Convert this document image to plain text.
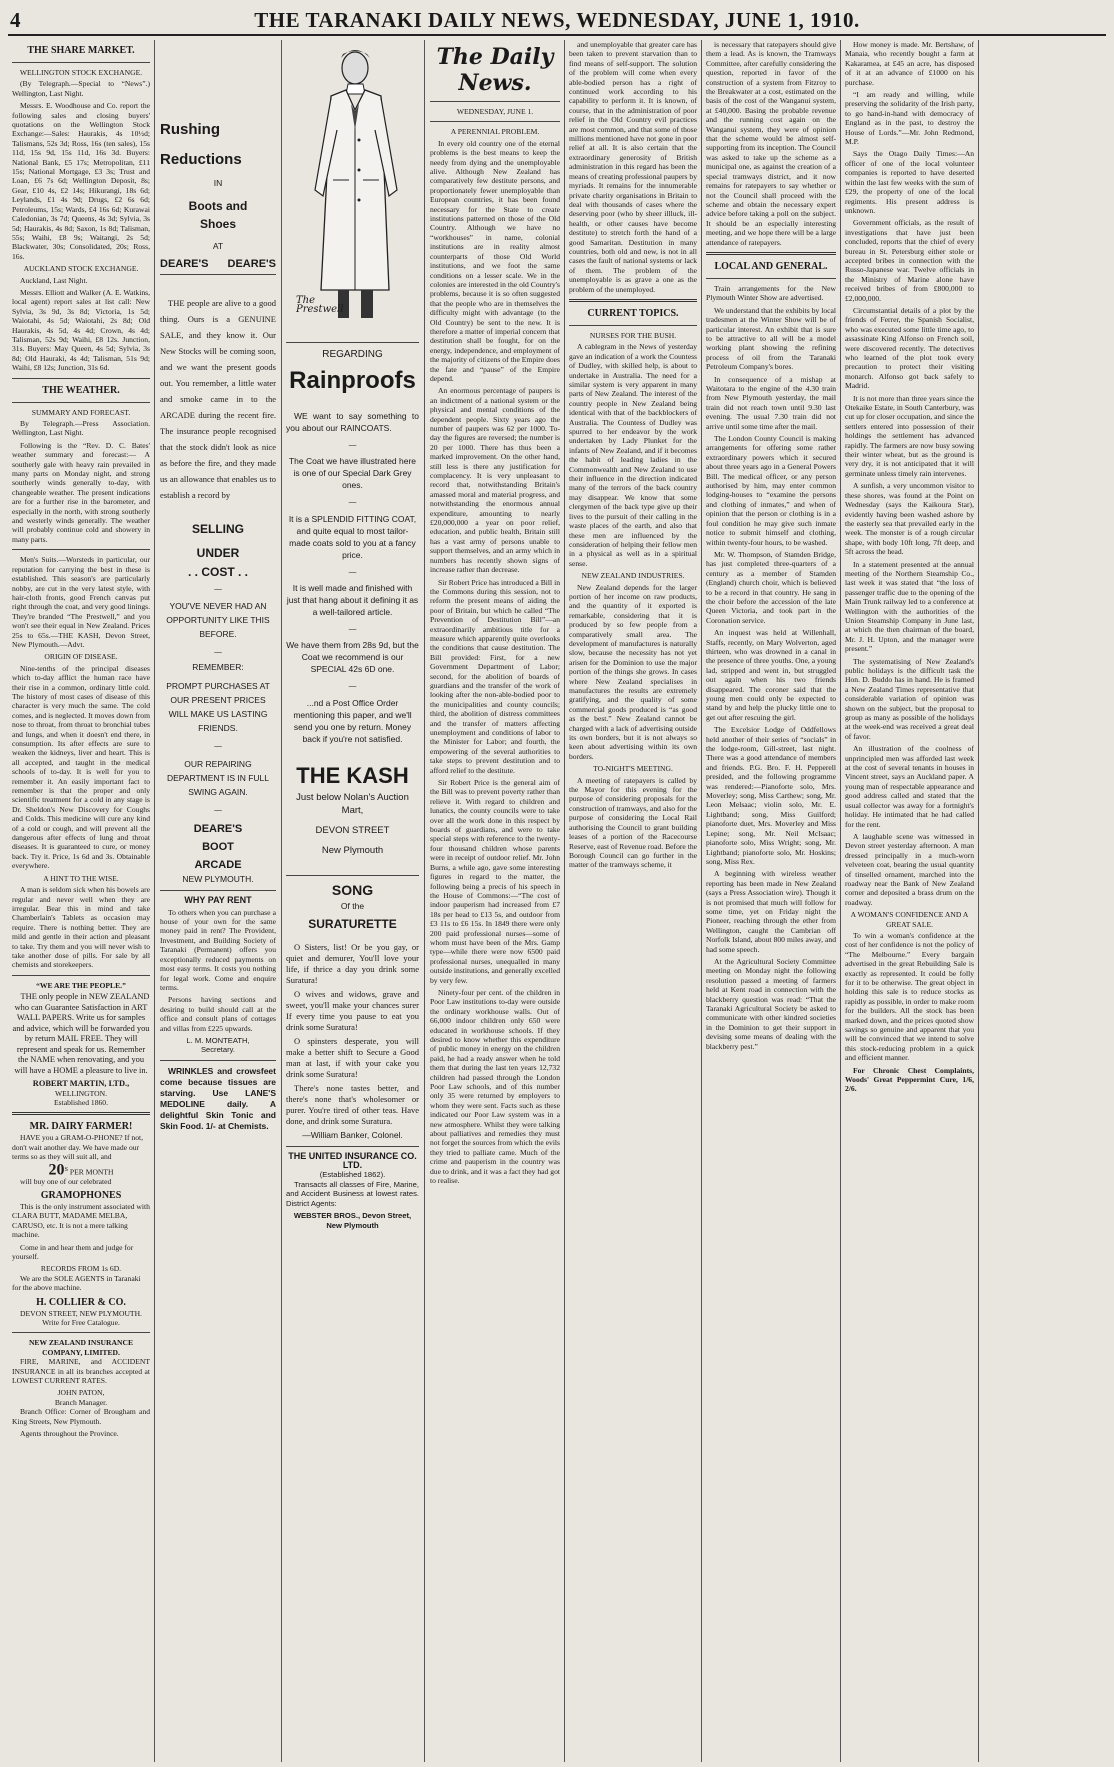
4	THE TARANAKI DAILY NEWS, WEDNESDAY, JUNE 1, 1910.
THE SHARE MARKET.
WELLINGTON STOCK EXCHANGE.
(By Telegraph.—Special to “News”.) Wellington, Last Night.
Messrs. E. Woodhouse and Co. report the following sales and closing buyers' quotations on the Wellington Stock Exchange:—Sales: Haurakis, 4s 10½d; Talismans, 52s 3d; Ross, 16s (ten sales), 15s 11d, 15s 9d, 15s 11d, 16s 3d. Buyers: National Bank, £5 17s; Metropolitan, £11 15s; National Mortgage, £3 3s; Trust and Loan, £6 7s 6d; Wellington Deposit, 8s; Gear, £10 4s, £2 14s; Hikurangi, 18s 6d; Leylands, £1 4s 9d; Drugs, £2 6s 6d; Petroleums, 15s; Wards, £4 16s 6d; Kurawai Caledonian, 3s 7d; Queens, 4s 3d; Sylvia, 3s 5d; Haurakis, 4s 8d; Saxon, 1s 8d; Talisman, 55s; Waihi, £8 9s; Waitangi, 2s 5d; Blackwater, 30s; Consolidated, 20s; Ross, 16s.
AUCKLAND STOCK EXCHANGE.
Auckland, Last Night.
Messrs. Elliott and Walker (A. E. Watkins, local agent) report sales at list call: New Sylvia, 3s 9d, 3s 8d; Victoria, 1s 5d; Waiotahi, 4s 5d; Waiotahi, 2s 8d; Old Haurakis, 4s 5d, 4s 4d; Crown, 4s 4d; Talisman, 52s 9d; Waihi, £8 12s. Junction, 31s. Buyers: May Queen, 4s 5d; Sylvia, 3s 8d; Old Hauraki, 4s 4d; Talisman, 51s 9d; Waihi, £8 12s; Junction, 31s 6d.
THE WEATHER.
SUMMARY AND FORECAST.
By Telegraph.—Press Association. Wellington, Last Night.
Following is the “Rev. D. C. Bates' weather summary and forecast:— A southerly gale with heavy rain prevailed in many parts on Monday night, and strong southerly winds generally to-day, with changeable weather. The present indications are for a further rise in the barometer, and especially in the north, with strong southerly and westerly winds generally. The weather will probably continue cold and showery in many parts.
Men's Suits.—Worsteds in particular, our reputation for carrying the best in these is established. This season's are particularly nobby, are cut in the very latest style, with hair-cloth fronts, good French canvas put right through the coat, and very good linings. They're branded “The Prestwell,” and you won't see their equal in New Zealand. Prices 25s to 65s.—THE KASH, Devon Street, New Plymouth.—Advt.
ORIGIN OF DISEASE.
Nine-tenths of the principal diseases which to-day afflict the human race have their rise in a common, ordinary little cold. The history of most cases of disease of this character is very much the same. The cold comes, and is neglected. It moves down from nose to throat, from throat to bronchial tubes and lungs, and when it doesn't end there, in consumption. Its after effects are sure to weaken the kidneys, liver and heart. This is all accepted, and taught in the medical schools of to-day. It is well for you to remember it. An easily important fact to remember is that the proper and only scientific treatment for a cold in any stage is Dr. Sheldon's New Discovery for Coughs and Colds. This medicine will cure any kind of a cold or cough, and will prevent all the dangerous after effects of lung and throat diseases. It is guaranteed to cure, or money back. Try it. Price, 1s 6d and 3s. Obtainable everywhere.
A HINT TO THE WISE.
A man is seldom sick when his bowels are regular and never well when they are irregular. Bear this in mind and take Chamberlain's Tablets as occasion may require. There is nothing better. They are mild and gentle in their action and pleasant to take. Try them and you will never wish to take another dose of pills. For sale by all chemists and storekeepers.
“WE ARE THE PEOPLE.”
THE only people in NEW ZEALAND who can Guarantee Satisfaction in ART WALL PAPERS. Write us for samples and advice, which will be forwarded you by return MAIL FREE. They will represent and speak for us. Remember the NAME when renovating, and you will have a HOME a pleasure to live in.
ROBERT MARTIN, LTD.,
WELLINGTON.
Established 1860.
MR. DAIRY FARMER!
HAVE you a GRAM-O-PHONE? If not, don't wait another day. We have made our terms so as they will suit all, and
$20^S$ PER MONTH
will buy one of our celebrated
GRAMOPHONES
This is the only instrument associated with CLARA BUTT, MADAME MELBA, CARUSO, etc. It is not a mere talking machine.
Come in and hear them and judge for yourself.
RECORDS FROM 1s 6D.
We are the SOLE AGENTS in Taranaki for the above machine.
H. COLLIER & CO.
DEVON STREET, NEW PLYMOUTH.
Write for Free Catalogue.
NEW ZEALAND INSURANCE COMPANY, LIMITED.
FIRE, MARINE, and ACCIDENT INSURANCE in all its branches accepted at LOWEST CURRENT RATES.
JOHN PATON,
Branch Manager.
Branch Office: Corner of Brougham and King Streets, New Plymouth.
Agents throughout the Province.
Rushing
Reductions
IN
Boots and
Shoes
AT
DEARE'S DEARE'S
THE people are alive to a good thing. Ours is a GENUINE SALE, and they know it. Our New Stocks will be coming soon, and we want the present goods out. You remember, a little water and smoke came in to the ARCADE during the recent fire. The insurance people recognised that the stock didn't look as nice as before the fire, and they made us an allowance that enables us to establish a record by
SELLING
UNDER
. . COST . .
—
YOU'VE NEVER HAD AN OPPORTUNITY LIKE THIS BEFORE.
—
REMEMBER:
PROMPT PURCHASES AT OUR PRESENT PRICES WILL MAKE US LASTING FRIENDS.
—
OUR REPAIRING DEPARTMENT IS IN FULL SWING AGAIN.
—
DEARE'S
BOOT
ARCADE
NEW PLYMOUTH.
WHY PAY RENT
To others when you can purchase a house of your own for the same money paid in rent? The Provident, Investment, and Building Society of Taranaki (Permanent) offers you exceptionally reduced payments on most easy terms. It costs you nothing for legal work. Come and enquire terms.
Persons having sections and desiring to build should call at the office and consult plans of cottages and villas from £225 upwards.
L. M. MONTEATH,
Secretary.
WRINKLES and crowsfeet come because tissues are starving. Use LANE'S MEDOLINE daily. A delightful Skin Tonic and Skin Food. 1/- at Chemists.
The Prestwell
REGARDING
Rainproofs
WE want to say something to you about our RAINCOATS.
—
The Coat we have illustrated here is one of our Special Dark Grey ones.
—
It is a SPLENDID FITTING COAT, and quite equal to most tailor-made coats sold to you at a fancy price.
—
It is well made and finished with just that hang about it defining it as a well-tailored article.
—
We have them from 28s 9d, but the Coat we recommend is our SPECIAL 42s 6D one.
—
...nd a Post Office Order mentioning this paper, and we'll send you one by return. Money back if you're not satisfied.
THE KASH
Just below Nolan's Auction Mart,
DEVON STREET
New Plymouth
SONG
Of the
SURATURETTE
O Sisters, list! Or be you gay, or quiet and demurer, You'll love your life, if thrice a day you drink some Suratura!
O wives and widows, grave and sweet, you'll make your chances surer If every time you pause to eat you drink some Suratura!
O spinsters desperate, you will make a better shift to Secure a Good man at last, if with your cake you drink some Suratura!
There's none tastes better, and there's none that's wholesomer or purer. You're tired of other teas. Have done, and drink some Suratura.
—William Banker, Colonel.
THE UNITED INSURANCE CO. LTD.
(Established 1862).
Transacts all classes of Fire, Marine, and Accident Business at lowest rates. District Agents:
WEBSTER BROS., Devon Street, New Plymouth
The Daily News.
WEDNESDAY, JUNE 1.
A PERENNIAL PROBLEM.
In every old country one of the eternal problems is the best means to keep the needy from dying and the unemployable alive. Although New Zealand has comparatively few destitute persons, and proportionately fewer unemployable than European countries, it has been found necessary for the State to create institutions patterned on those of the Old Country. Although we have no “workhouses” in name, colonial institutions are in reality almost counterparts of those Old World institutions, and we foot the same conditions on a lesser scale. We in the colonies are interested in the old Country's problems, because it is so often suggested that the people who are in themselves the difficulty might with advantage (to the Old Country) be sent to the new. It is therefore a matter of imperial concern that destitution shall be fought, for on the energy, independence, and employment of the majority of citizens of the Empire does the fate and “pause” of the Empire depend.
An enormous percentage of paupers is an indictment of a national system or the physical and mental conditions of the dependent people. Sixty years ago the number of paupers was 62 per 1000. To-day the figures are reversed; the number is 20 per 1000. There has thus been a marked improvement. On the other hand, still less is there any justification for complacency. It is very unpleasant to record that, notwithstanding Britain's amassed moral and material progress, and notwithstanding the enormous annual expenditure, amounting to nearly £20,000,000 a year on poor relief, education, and public health, Britain still has a vast army of persons unable to support themselves, and an army which in numbers has recently shown signs of increase rather than decrease.
Sir Robert Price has introduced a Bill in the Commons during this session, not to reform the present means of aiding the poor of Britain, but which he called “The Prevention of Destitution Bill”—an extraordinarily ambitious title for a measure which apparently quite overlooks the conditions that cause destitution. The Bill provided: First, for a new Government Department of Labor; second, for the abolition of boards of guardians and the transfer of the work of looking after the non-able-bodied poor to the municipalities and county councils; third, the abolition of distress committees and the transfer of matters affecting unemployment and conditions of labor to the Minister for Labor; and fourth, the empowering of the several authorities to take steps to prevent destitution and to afford relief to the destitute.
Sir Robert Price is the general aim of the Bill was to prevent poverty rather than relieve it. With regard to children and lunatics, the county councils were to take over all the work done in this respect by boards of guardians, and were to take special steps with reference to the twenty-four thousand children whose parents were in receipt of outdoor relief. Mr. John Burns, a while ago, gave some interesting figures in regard to the matter, the following being a precis of his speech in the House of Commons:—“The cost of indoor pauperism had increased from £7 18s per head to £13 5s, and outdoor from £3 11s to £6 15s. In 1849 there were only 200 paid professional nurses—some of whom must have been of the Mrs. Gamp type—while there were now 6500 paid professional nurses, unequalled in many outside institutions, and generally excelled by very few.
Ninety-four per cent. of the children in Poor Law institutions to-day were outside the ordinary workhouse walls. Out of 66,000 indoor children only 650 were educated in workhouse schools. If they desired to know whether this expenditure of public money in energy on the children paid, he had a ready answer when he told them that during the last ten years 12,732 children had passed through the London Poor Law schools, and of this number only 35 were returned by employers to whom they were sent. Facts such as these indicated our Poor Law system was in a new atmosphere. Whilst they were talking about palliatives and remedies they must not forget the sources from which the evils they tried to palliate came. Much of the crime and pauperism in the country was due to drink, and it was a fact they had got to realise.
and unemployable that greater care has been taken to prevent starvation than to find means of self-support. The solution of the problem will come when every able-bodied person has a right of continued work according to his capability to perform it. It is known, of course, that in the administration of poor relief in the Old Country evil practices are most common, and that some of those millions mentioned have not gone in poor relief at all. It is also certain that the extraordinary generosity of British administration in this regard has been the means of creating professional paupers by myriads. It remains for the innumerable private charity organisations in Britain to deal with thousands of cases where the deserving poor (who by sheer illluck, ill-health, or other causes have become destitute) to stretch forth the hand of a good Samaritan. Destitution in many countries, both old and new, is not in all cases the fault of national systems or lack of them. The problem of the unemployable is as grave a one as the problem of the unemployed.
CURRENT TOPICS.
NURSES FOR THE BUSH.
A cablegram in the News of yesterday gave an indication of a work the Countess of Dudley, with skilled help, is about to undertake in Australia. The need for a similar system is very apparent in many parts of New Zealand. The interest of the country people in New Zealand being identical with that of the backblockers of Australia. The Countess of Dudley was spurred to her endeavor by the work undertaken by Lady Plunket for the infants of New Zealand, and if it becomes the habit of leading ladies in the Commonwealth and New Zealand to use their influence in the direction indicated many of the terrors of the back country may disappear. We know that some clergymen of the back type give up their lives to the pursuit of their calling in the waste places of the earth, and also that these men are influenced by the consideration of helping their fellow men in a physical as well as in a spiritual sense.
NEW ZEALAND INDUSTRIES.
New Zealand depends for the larger portion of her income on raw products, and the quantity of it exported is remarkable, considering that it is produced by so few people from a comparatively small area. The development of manufactures is naturally slow, because the necessity has not yet arisen for the Dominion to use the major portion of the things she grows. In cases where New Zealand specialises in manufactures the results are extremely gratifying, and the quality of some commercial goods produced is “as good as the best.” New Zealand cannot be charged with a lack of advertising outside its own borders, but it is not always so keen about advertising within its own borders.
TO-NIGHT'S MEETING.
A meeting of ratepayers is called by the Mayor for this evening for the purpose of considering proposals for the construction of tramways, and also for the purpose of considering the Local Rail authorising the Council to grant building leases of a portion of the Racecourse Reserve, east of Revenue road. Before the Borough Council can go further in the matter of the tramways scheme, it
is necessary that ratepayers should give them a lead. As is known, the Tramways Committee, after carefully considering the question, reported in favor of the construction of a system from Fitzroy to the Breakwater at a cost, estimated on the basis of the cost of the Wanganui system, at £40,000. Basing the probable revenue and the running cost again on the Wanganui system, they were of opinion that the scheme would be almost self-supporting from its inception. The Council was asked to take up the scheme as a municipal one, as against the creation of a special tramways district, and it now remains for ratepayers to say whether or not the Council shall proceed with the scheme and obtain the necessary expert advice before taking a poll on the subject. It should be an especially interesting meeting, and we hope there will be a large attendance of ratepayers.
LOCAL AND GENERAL.
Train arrangements for the New Plymouth Winter Show are advertised.
We understand that the exhibits by local tradesmen at the Winter Show will be of particular interest. An exhibit that is sure to be attractive to all will be a model working plant showing the refining process of oil from the Taranaki Petroleum Company's bores.
In consequence of a mishap at Waitotara to the engine of the 4.30 train from New Plymouth yesterday, the mail train did not reach town until 9.30 last evening. The usual 7.30 train did not arrive until some time after the mail.
The London County Council is making arrangements for offering some rather extraordinary powers which it secured about three years ago in a General Powers Bill. The medical officer, or any person authorised by him, may enter common lodging-houses to “examine the persons and clothing of inmates,” and when of opinion that the person or clothing is in a foul condition he may give such inmate notice to submit himself and clothing, within twenty-four hours, to be washed.
Mr. W. Thompson, of Stamden Bridge, has just completed three-quarters of a century as a member of Stamden (England) church choir, which is believed to be a record in that country. He sang in the choir before the accession of the late Queen Victoria, and took part in the Coronation service.
An inquest was held at Willenhall, Staffs, recently, on Mary Wolverton, aged thirteen, who was drowned in a canal in the presence of three youths. One, a young lad, stripped and went in, but struggled out again when his two friends disappeared. The coroner said that the young men could only be expected to stand by and help the plucky little one to get out after rescuing the girl.
The Excelsior Lodge of Oddfellows held another of their series of “socials” in the lodge-room, Gill-street, last night. There was a good attendance of members and friends. P.G. Bro. F. H. Pepperell presided, and the following programme was rendered:—Pianoforte solo, Mrs. Moverley; song, Miss Carthew; song, Mr. Leon Melsaac; violin solo, Mr. E. Lightband; song, Miss Guilford; pianoforte duet, Mrs. Moverley and Miss Lepine; song, Mr. Neil McIsaac; pianoforte solo, Miss Wright; song, Mr. Lightband; pianoforte solo, Mr. Hoskins; song, Miss Rex.
A beginning with wireless weather reporting has been made in New Zealand (says a Press Association wire). Though it is not promised that much will follow for some time, yet on Friday night the Pioneer, reaching through the ether from Wellington, caught the Cambrian off Norfolk Island, about 800 miles away, and had some speech.
At the Agricultural Society Committee meeting on Monday night the following resolution passed a meeting of farmers held at Kent road in connection with the blackberry question was read: “That the Taranaki Agricultural Society be asked to communicate with other kindred societies in the Dominion to get their support in devising some means of dealing with the blackberry pest.”
How money is made. Mr. Bertshaw, of Manaia, who recently bought a farm at Kakaramea, at £45 an acre, has disposed of it at an advance of £1000 on his purchase.
“I am ready and willing, while preserving the solidarity of the Irish party, to go hand-in-hand with democracy of England as in the past, to destroy the House of Lords.”—Mr. John Redmond, M.P.
Says the Otago Daily Times:—An officer of one of the local volunteer companies is reported to have deserted within the last few weeks with the sum of £29, the property of one of the local regiments. His present address is unknown.
Government officials, as the result of investigations that have just been concluded, reports that the chief of every bureau in St. Petersburg either stole or accepted bribes in connection with the Russo-Japanese war. Twelve officials in the Ministry of Marine alone have received bribes of from £800,000 to £2,000,000.
Circumstantial details of a plot by the friends of Ferrer, the Spanish Socialist, who was executed some little time ago, to assassinate King Alfonso on French soil, were discovered recently. The detectives who learned of the plot took every precaution to protect their visiting monarch. Alfonso got back safely to Madrid.
It is not more than three years since the Otekaike Estate, in South Canterbury, was cut up for closer occupation, and since the settlers entered into possession of their holdings the settlement has advanced rapidly. The farmers are now busy sowing their winter wheat, but as the ground is very dry, it is not anticipated that it will germinate unless timely rain intervenes.
A sunfish, a very uncommon visitor to these shores, was found at the Point on Wednesday (says the Kaikoura Star), evidently having been washed ashore by the easterly sea that prevailed early in the week. The monster is of a rough circular shape, with body 10ft long, 7ft deep, and 5ft across the head.
In a statement presented at the annual meeting of the Northern Steamship Co., last week it was stated that “the loss of passenger traffic due to the opening of the Main Trunk railway led to a conference at Wellington with the authorities of the Union Steamship Company in June last, at which the then chairman of the board, Mr. J. H. Upton, and the manager were present.”
The systematising of New Zealand's public holidays is the difficult task the Hon. D. Buddo has in hand. He is framed a New Zealand Times representative that considerable variation of opinion was shown on the subject, but the proposal to group as many as possible of the holidays at the week-end was received a great deal of favor.
An illustration of the coolness of unprincipled men was afforded last week at the cost of several tenants in houses in Vincent street, says an Auckland paper. A young man of respectable appearance and good address called and stated that the usual collector was away for a fortnight's holiday. He intimated that he had called for the rent.
A laughable scene was witnessed in Devon street yesterday afternoon. A man dressed principally in a much-worn velveteen coat, bearing the usual quantity of tinselled ornament, marched into the roadway near the Bank of New Zealand corner and deposited a brass drum on the roadway.
A WOMAN'S CONFIDENCE AND A GREAT SALE.
To win a woman's confidence at the cost of her confidence is not the policy of “The Melbourne.” Every bargain advertised in the great Rebuilding Sale is exactly as represented. It could be folly for it to be otherwise. The great object in holding this sale is to reduce stocks as rapidly as possible, in order to make room for the builders. All the stock has been marked down, and the prices quoted show savings so genuine and apparent that you will be convinced that we intend to solve this stock-reducing problem in a quick and efficient manner.
For Chronic Chest Complaints, Woods' Great Peppermint Cure, 1/6, 2/6.
